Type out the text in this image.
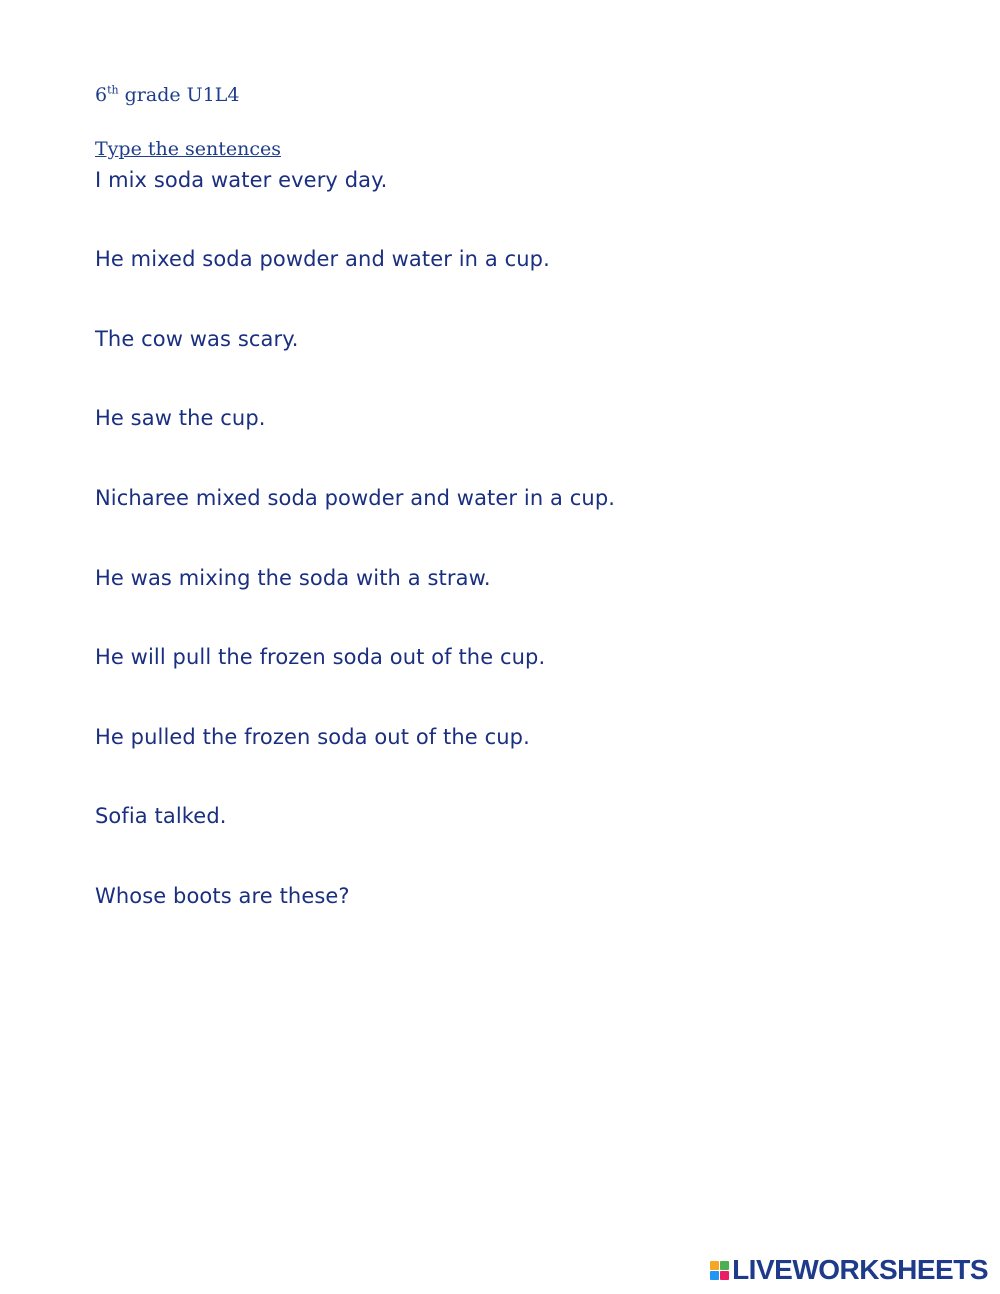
6th grade U1L4
Type the sentences
I mix soda water every day.
He mixed soda powder and water in a cup.
The cow was scary.
He saw the cup.
Nicharee mixed soda powder and water in a cup.
He was mixing the soda with a straw.
He will pull the frozen soda out of the cup.
He pulled the frozen soda out of the cup.
Sofia talked.
Whose boots are these?
LIVEWORKSHEETS
